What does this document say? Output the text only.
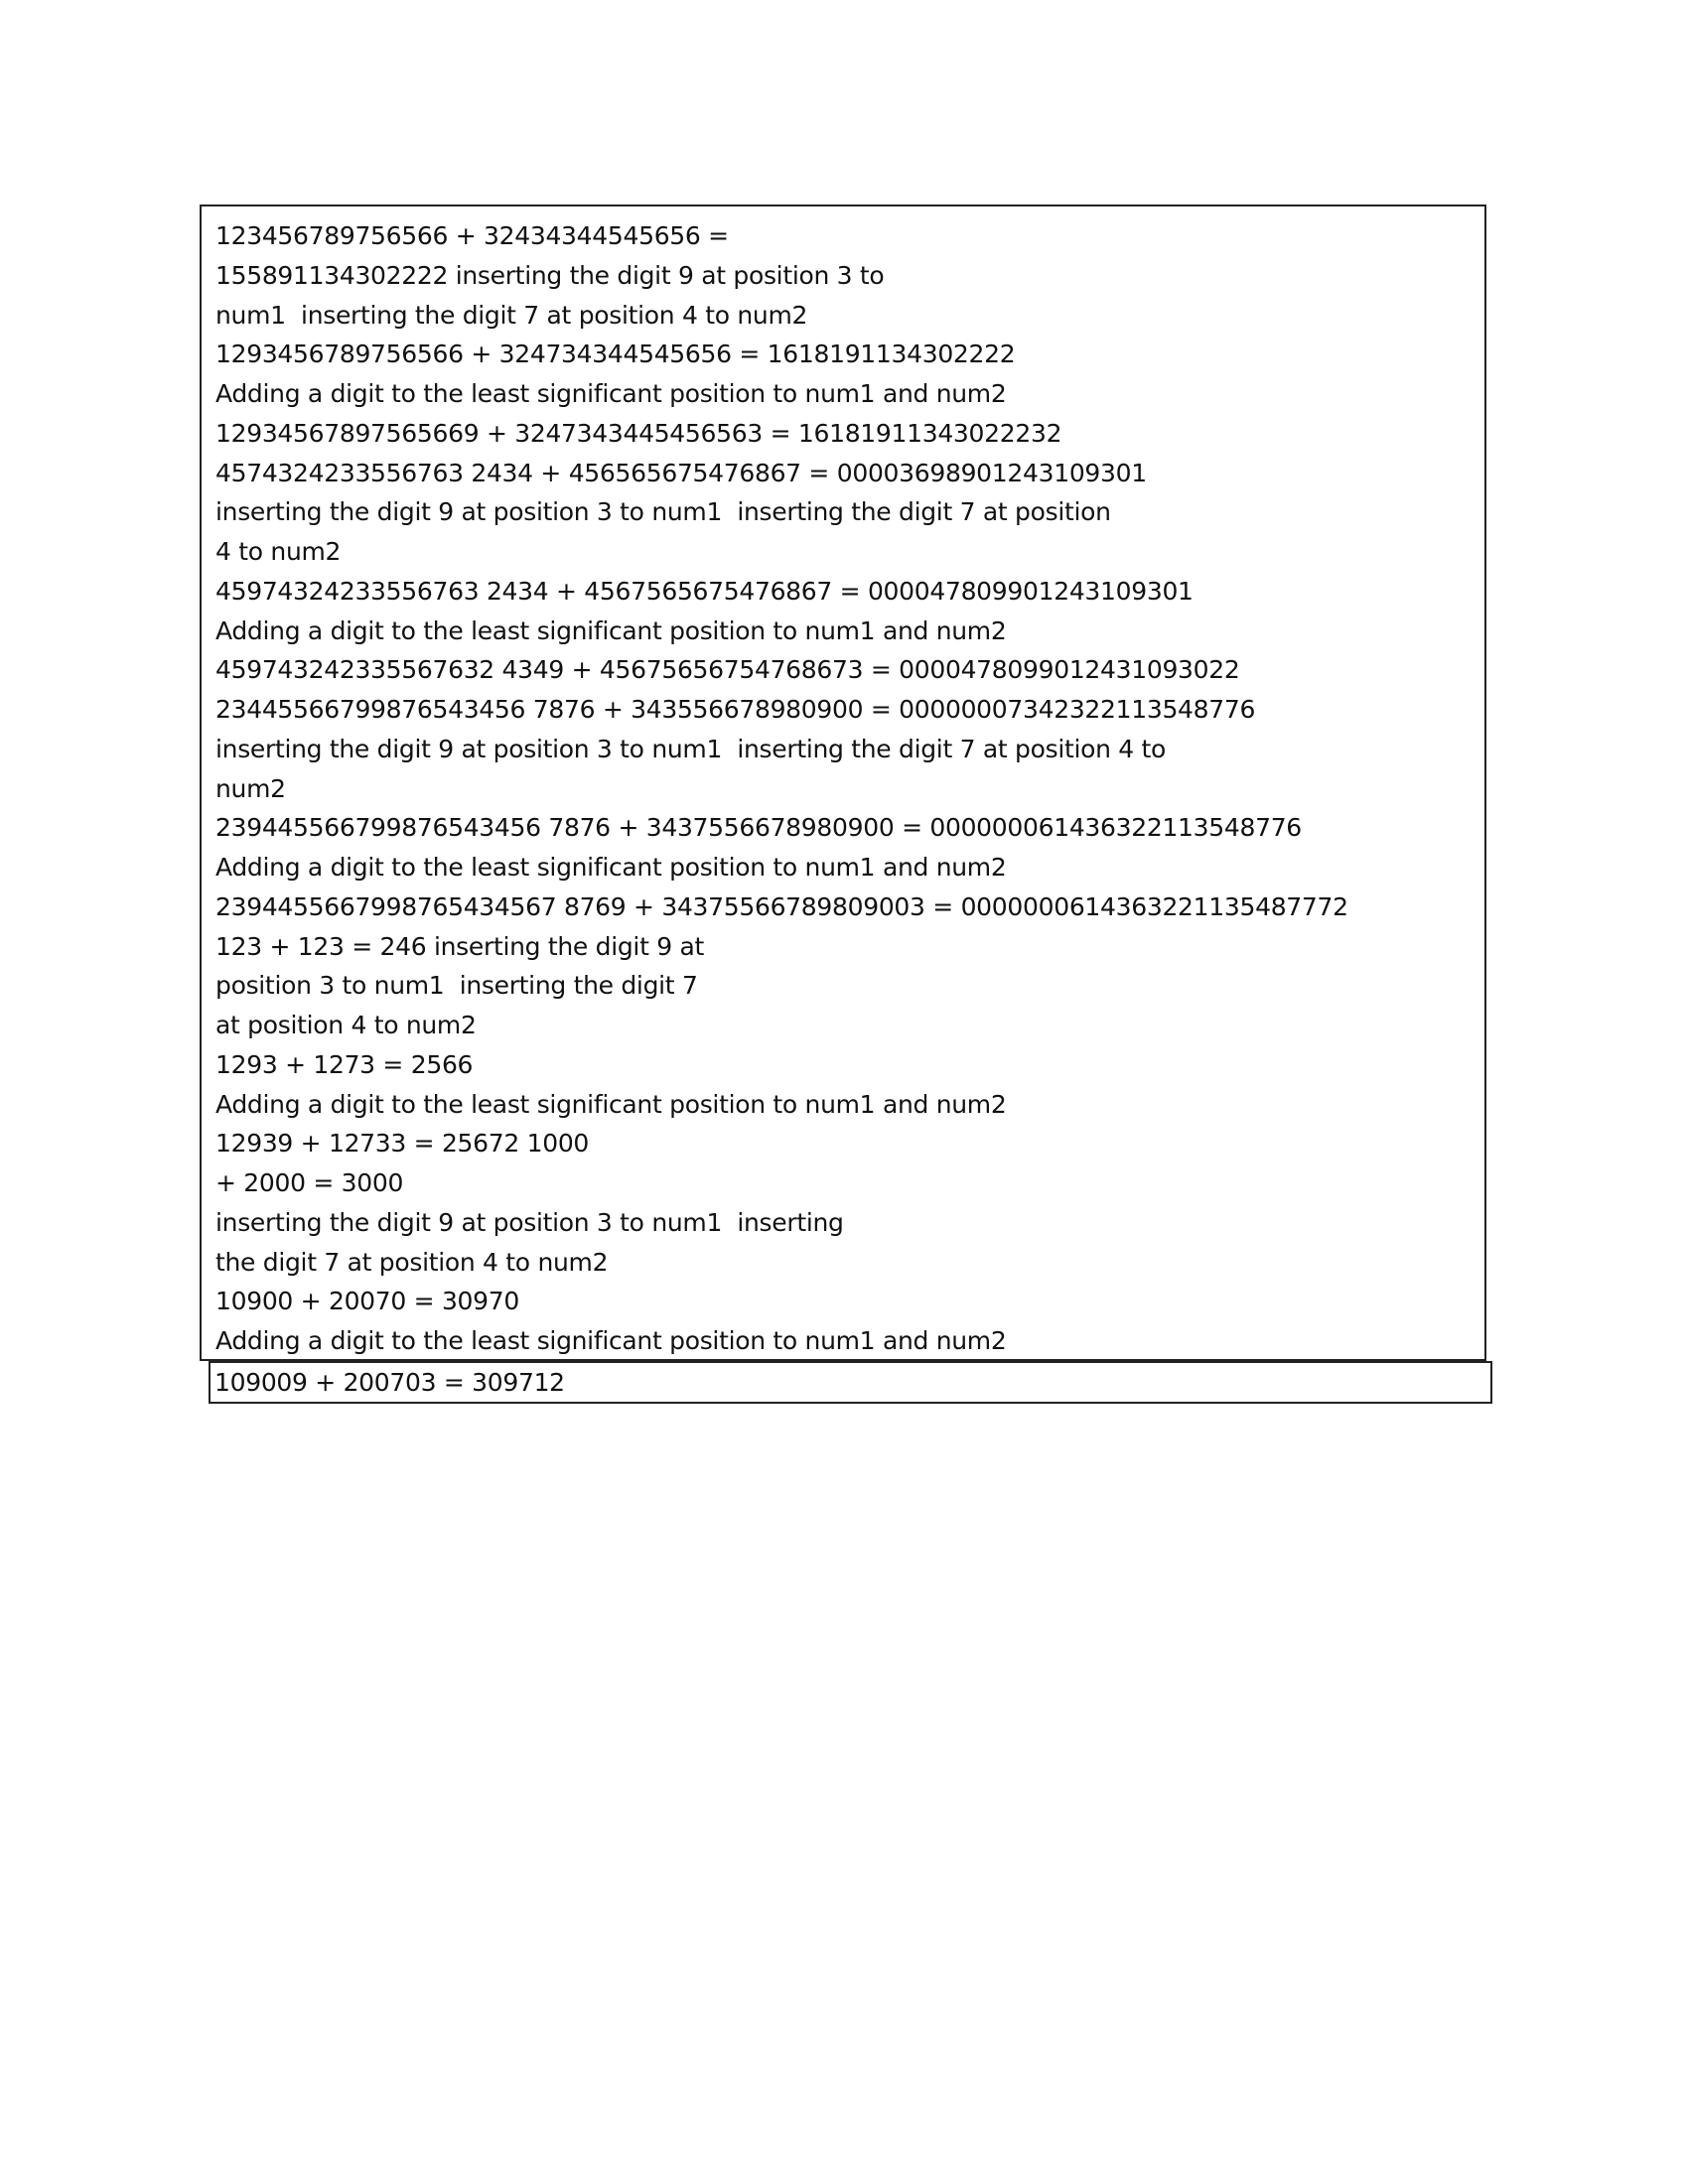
123456789756566 + 32434344545656 =
155891134302222 inserting the digit 9 at position 3 to
num1  inserting the digit 7 at position 4 to num2
1293456789756566 + 324734344545656 = 1618191134302222
Adding a digit to the least significant position to num1 and num2
12934567897565669 + 3247343445456563 = 16181911343022232
4574324233556763 2434 + 456565675476867 = 00003698901243109301
inserting the digit 9 at position 3 to num1  inserting the digit 7 at position
4 to num2
45974324233556763 2434 + 4567565675476867 = 000047809901243109301
Adding a digit to the least significant position to num1 and num2
459743242335567632 4349 + 45675656754768673 = 0000478099012431093022
23445566799876543456 7876 + 343556678980900 = 00000007342322113548776
inserting the digit 9 at position 3 to num1  inserting the digit 7 at position 4 to
num2
239445566799876543456 7876 + 3437556678980900 = 000000061436322113548776
Adding a digit to the least significant position to num1 and num2
2394455667998765434567 8769 + 34375566789809003 = 0000000614363221135487772
123 + 123 = 246 inserting the digit 9 at
position 3 to num1  inserting the digit 7
at position 4 to num2
1293 + 1273 = 2566
Adding a digit to the least significant position to num1 and num2
12939 + 12733 = 25672 1000
+ 2000 = 3000
inserting the digit 9 at position 3 to num1  inserting
the digit 7 at position 4 to num2
10900 + 20070 = 30970
Adding a digit to the least significant position to num1 and num2
109009 + 200703 = 309712
